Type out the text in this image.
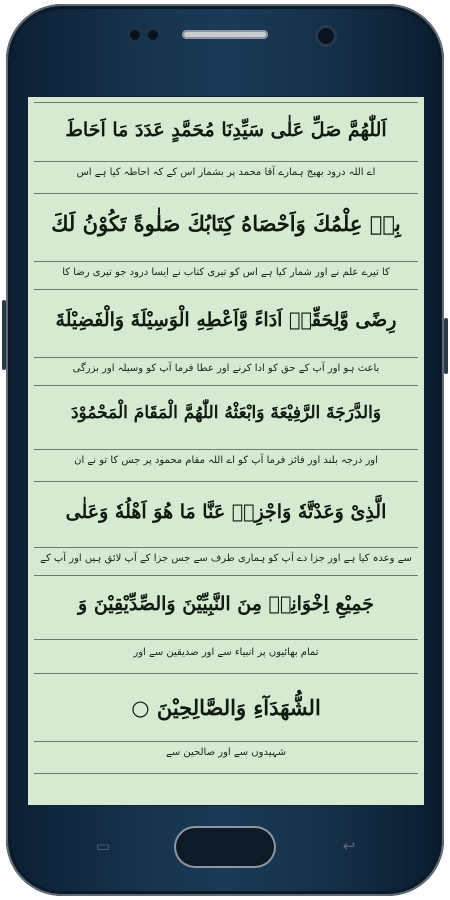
اَللّٰهُمَّ صَلِّ عَلٰى سَيِّدِنَا مُحَمَّدٍ عَدَدَ مَا اَحَاطَ
اے اللہ درود بھیج ہمارے آقا محمد پر بشمار اس کے کہ احاطہ کیا ہے اس
بِهٖ عِلْمُكَ وَاَحْصَاهُ كِتَابُكَ صَلٰوةً تَكُوْنُ لَكَ
کا تیرے علم نے اور شمار کیا ہے اس کو تیری کتاب نے ایسا درود جو تیری رضا کا
رِضًى وَّلِحَقِّهٖ اَدَاءً وَّاَعْطِهِ الْوَسِيْلَةَ وَالْفَضِيْلَةَ
باعث ہو اور آپ کے حق کو ادا کرنے اور عطا فرما آپ کو وسیلہ اور بزرگی
وَالدَّرَجَةَ الرَّفِيْعَةَ وَابْعَثْهُ اللّٰهُمَّ الْمَقَامَ الْمَحْمُوْدَ
اور درجہ بلند اور فائز فرما آپ کو اے اللہ مقام محمود پر جس کا تو نے ان
الَّذِىْ وَعَدْتَّهٗ وَاجْزِهٖ عَنَّا مَا هُوَ اَهْلُهٗ وَعَلٰى
سے وعدہ کیا ہے اور جزا دے آپ کو ہماری طرف سے جس جزا کے آپ لائق ہیں اور آپ کے
جَمِيْعِ اِخْوَانِهٖ مِنَ النَّبِيِّيْنَ وَالصِّدِّيْقِيْنَ وَ
تمام بھائیوں پر انبیاء سے اور صدیقین سے اور
الشُّهَدَآءِ وَالصَّالِحِيْنَ ○
شہیدوں سے اور صالحین سے
▭	↩
